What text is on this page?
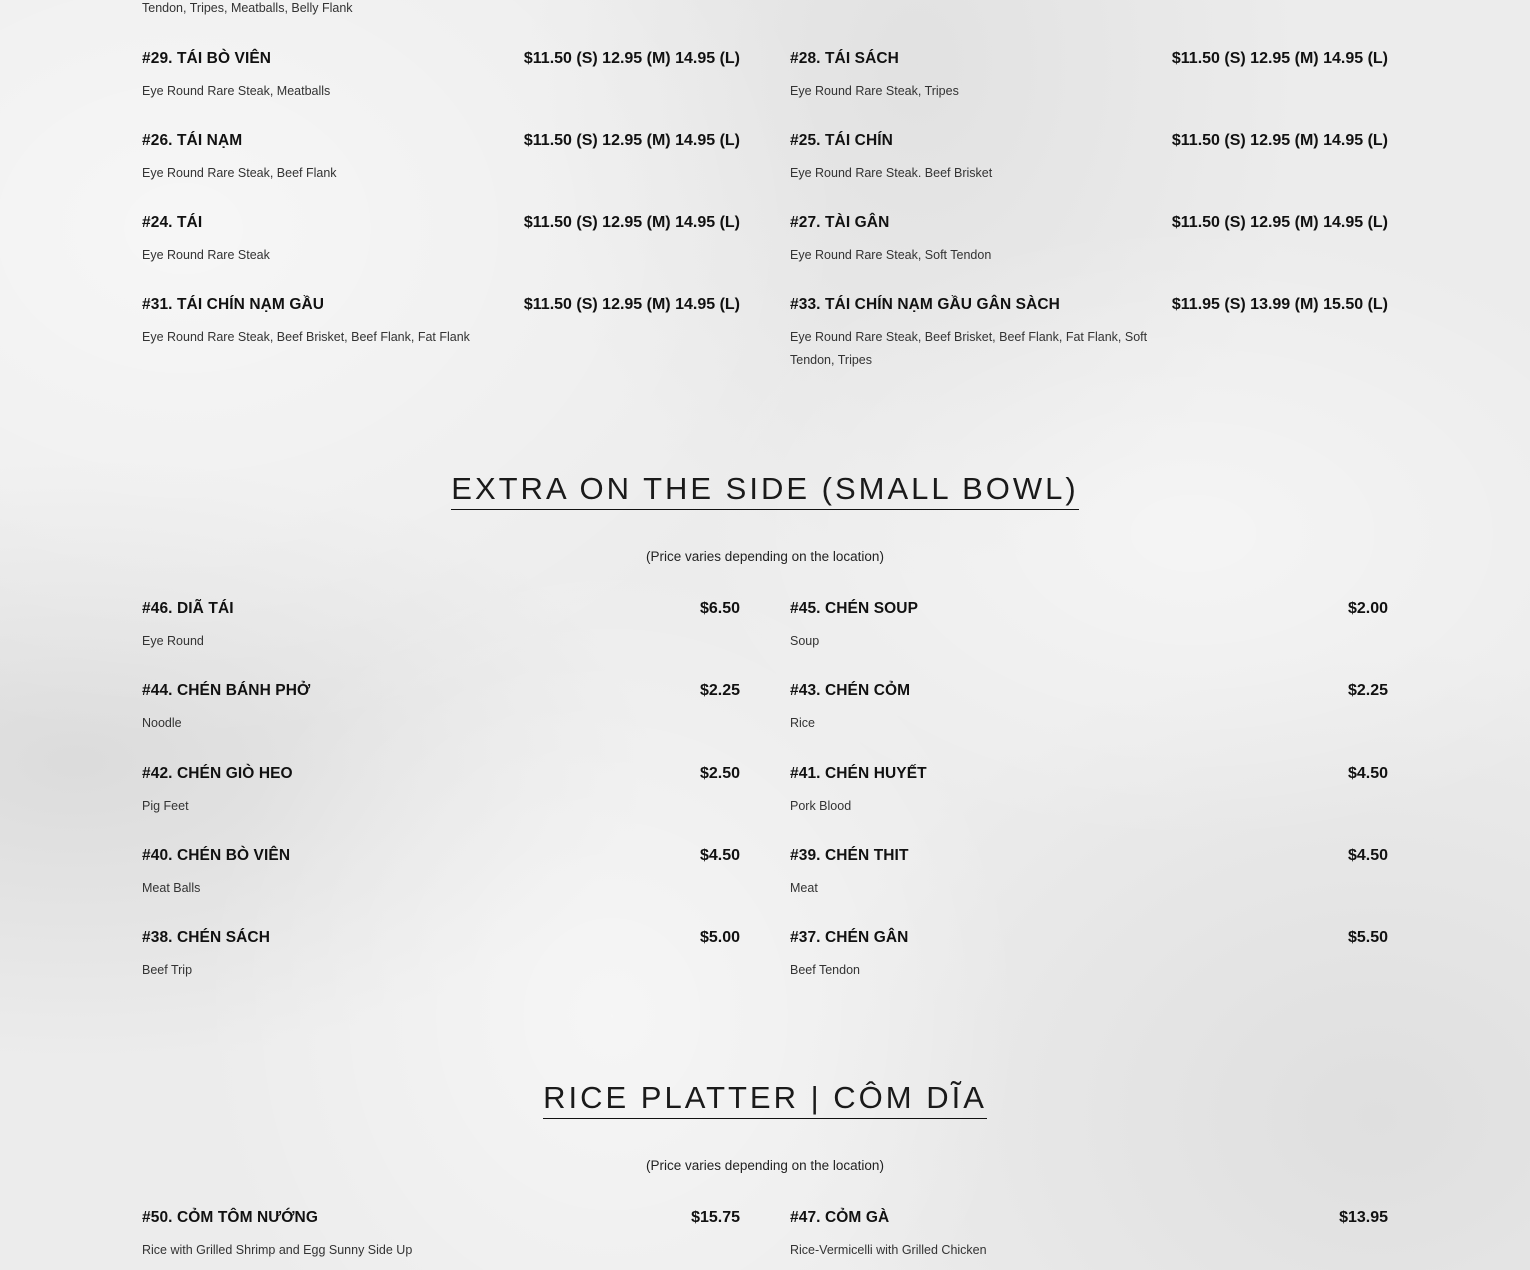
Tendon, Tripes, Meatballs, Belly Flank
#29. TÁI BÒ VIÊN	$11.50 (S) 12.95 (M) 14.95 (L)
Eye Round Rare Steak, Meatballs
#28. TÁI SÁCH	$11.50 (S) 12.95 (M) 14.95 (L)
Eye Round Rare Steak, Tripes
#26. TÁI NẠM	$11.50 (S) 12.95 (M) 14.95 (L)
Eye Round Rare Steak, Beef Flank
#25. TÁI CHÍN	$11.50 (S) 12.95 (M) 14.95 (L)
Eye Round Rare Steak. Beef Brisket
#24. TÁI	$11.50 (S) 12.95 (M) 14.95 (L)
Eye Round Rare Steak
#27. TÀI GÂN	$11.50 (S) 12.95 (M) 14.95 (L)
Eye Round Rare Steak, Soft Tendon
#31. TÁI CHÍN NẠM GẦU	$11.50 (S) 12.95 (M) 14.95 (L)
Eye Round Rare Steak, Beef Brisket, Beef Flank, Fat Flank
#33. TÁI CHÍN NẠM GẦU GÂN SÀCH	$11.95 (S) 13.99 (M) 15.50 (L)
Eye Round Rare Steak, Beef Brisket, Beef Flank, Fat Flank, Soft Tendon, Tripes
EXTRA ON THE SIDE (SMALL BOWL)
(Price varies depending on the location)
#46. DIÃ TÁI	$6.50
Eye Round
#45. CHÉN SOUP	$2.00
Soup
#44. CHÉN BÁNH PHỞ	$2.25
Noodle
#43. CHÉN CỎM	$2.25
Rice
#42. CHÉN GIÒ HEO	$2.50
Pig Feet
#41. CHÉN HUYẾT	$4.50
Pork Blood
#40. CHÉN BÒ VIÊN	$4.50
Meat Balls
#39. CHÉN THIT	$4.50
Meat
#38. CHÉN SÁCH	$5.00
Beef Trip
#37. CHÉN GÂN	$5.50
Beef Tendon
RICE PLATTER | CÔM DĨA
(Price varies depending on the location)
#50. CỎM TÔM NƯỚNG	$15.75
Rice with Grilled Shrimp and Egg Sunny Side Up
#47. CỎM GÀ	$13.95
Rice-Vermicelli with Grilled Chicken
